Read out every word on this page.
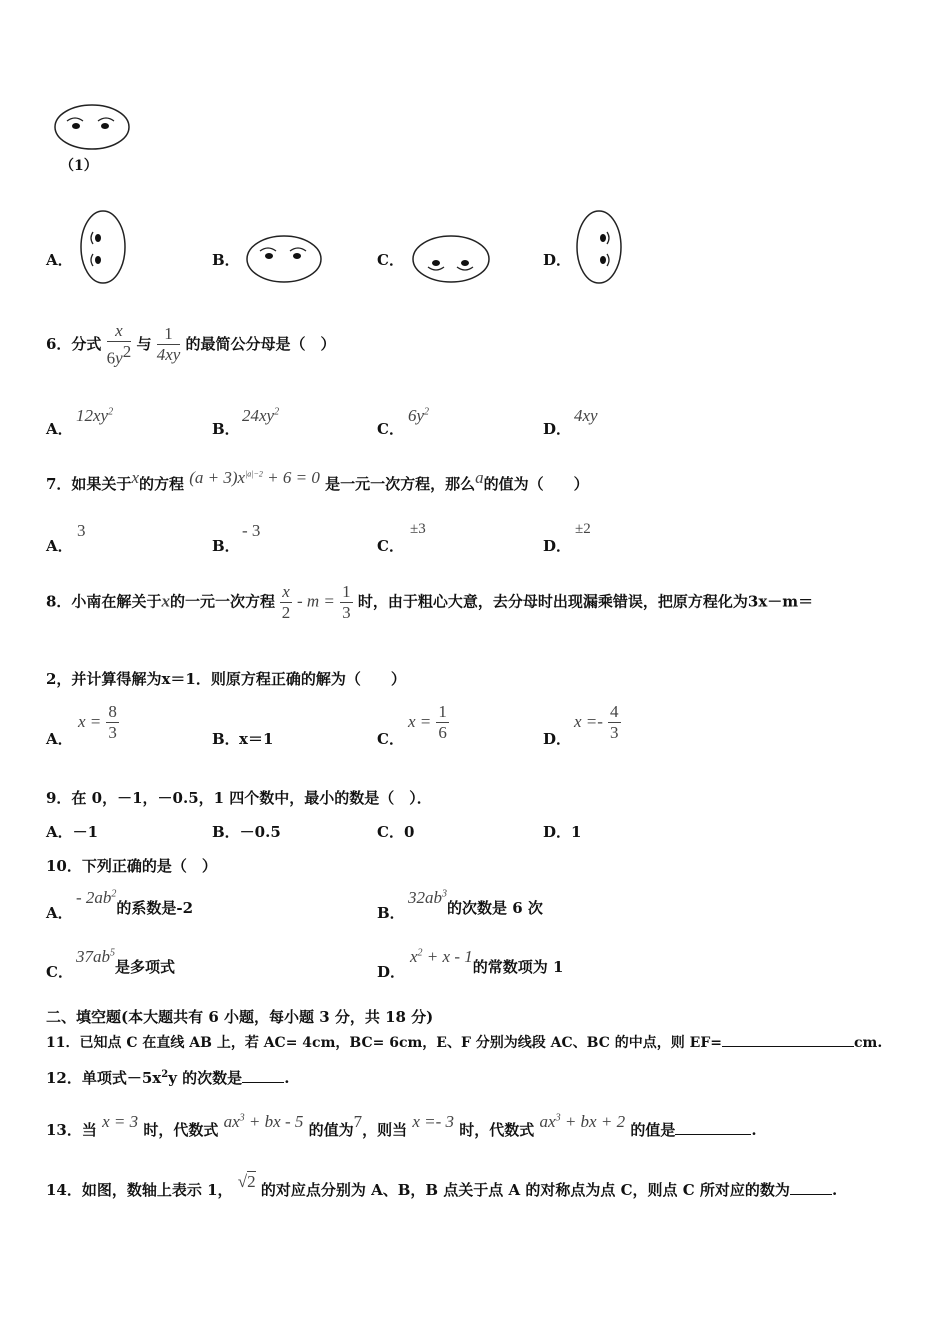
（1）
A．	B．	C．	D．
6．分式 $\frac{x}{6y^2}$ 与 $\frac{1}{4xy}$ 的最简公分母是（　）
A．
$12xy^2$
B．
$24xy^2$
C．
$6y^2$
D．
4xy
7．如果关于x的方程 $(a + 3)x^{|a|-2} + 6 = 0$ 是一元一次方程，那么a的值为（　　）
A．
3
B．
- 3
C．
±3
D．
±2
8．小南在解关于x的一元一次方程 $\frac{x}{2} - m = \frac{1}{3}$ 时，由于粗心大意，去分母时出现漏乘错误，把原方程化为3x－m＝
2，并计算得解为x＝1．则原方程正确的解为（　　）
A．
$x = \frac{8}{3}$	B． x＝1	C．
$x = \frac{1}{6}$	D．
$x =- \frac{4}{3}$
9．在 0，－1，－0.5，1 四个数中，最小的数是（　）．
A．－1	B．－0.5	C．0	D．1
10．下列正确的是（　）
A．
- $2ab^2$的系数是-2	B．
$32ab^3$的次数是 6 次
C．
$37ab^5$是多项式	D．
$x^2 + x - 1$的常数项为 1
二、填空题(本大题共有 6 小题，每小题 3 分，共 18 分)
11．已知点 C 在直线 AB 上，若 AC= 4cm，BC= 6cm，E、F 分别为线段 AC、BC 的中点，则 EF=	cm.
12．单项式$-5x^2y$ 的次数是	.
13．当 x = 3 时，代数式 $ax^3$ + bx - 5 的值为7，则当 x =- 3 时，代数式 $ax^3$ + bx + 2 的值是	.
14．如图，数轴上表示 1， √2 的对应点分别为 A、B，B 点关于点 A 的对称点为点 C，则点 C 所对应的数为	.
